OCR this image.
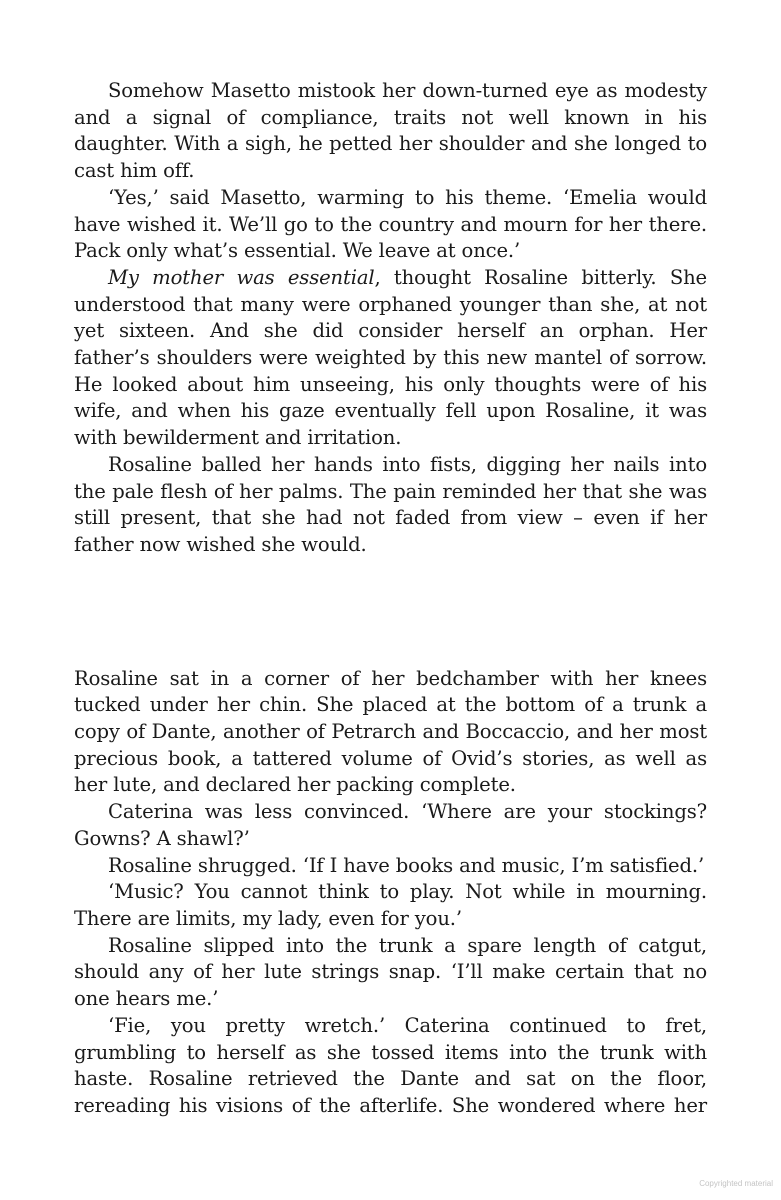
Somehow Masetto mistook her down-turned eye as modesty and a signal of compliance, traits not well known in his daughter. With a sigh, he petted her shoulder and she longed to cast him off.

‘Yes,’ said Masetto, warming to his theme. ‘Emelia would have wished it. We’ll go to the country and mourn for her there. Pack only what’s essential. We leave at once.’

My mother was essential, thought Rosaline bitterly. She understood that many were orphaned younger than she, at not yet sixteen. And she did consider herself an orphan. Her father’s shoulders were weighted by this new mantel of sorrow. He looked about him unseeing, his only thoughts were of his wife, and when his gaze eventually fell upon Rosaline, it was with bewilderment and irritation.

Rosaline balled her hands into fists, digging her nails into the pale flesh of her palms. The pain reminded her that she was still present, that she had not faded from view – even if her father now wished she would.

Rosaline sat in a corner of her bedchamber with her knees tucked under her chin. She placed at the bottom of a trunk a copy of Dante, another of Petrarch and Boccaccio, and her most precious book, a tattered volume of Ovid’s stories, as well as her lute, and declared her packing complete.

Caterina was less convinced. ‘Where are your stockings? Gowns? A shawl?’

Rosaline shrugged. ‘If I have books and music, I’m satisfied.’

‘Music? You cannot think to play. Not while in mourning. There are limits, my lady, even for you.’

Rosaline slipped into the trunk a spare length of catgut, should any of her lute strings snap. ‘I’ll make certain that no one hears me.’

‘Fie, you pretty wretch.’ Caterina continued to fret, grumbling to herself as she tossed items into the trunk with haste. Rosaline retrieved the Dante and sat on the floor, rereading his visions of the afterlife. She wondered where her

Copyrighted material
